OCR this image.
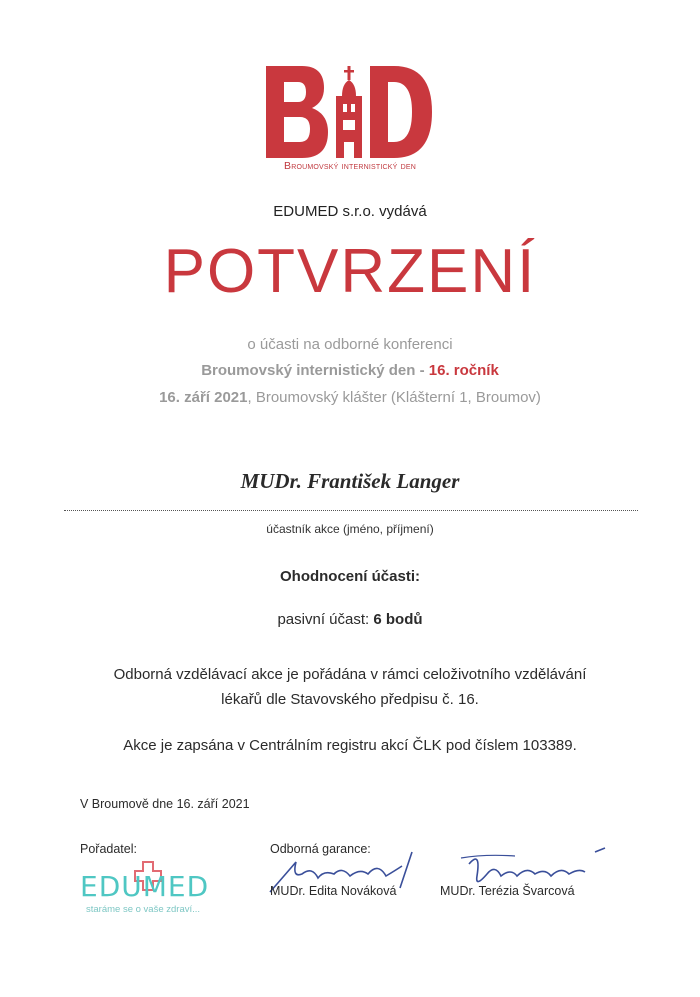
Broumovský internistický den
EDUMED s.r.o. vydává
POTVRZENÍ
o účasti na odborné konferenci
Broumovský internistický den - 16. ročník
16. září 2021, Broumovský klášter (Klášterní 1, Broumov)
MUDr. František Langer
účastník akce (jméno, příjmení)
Ohodnocení účasti:
pasivní účast: 6 bodů
Odborná vzdělávací akce je pořádána v rámci celoživotního vzdělávání
lékařů dle Stavovského předpisu č. 16.
Akce je zapsána v Centrálním registru akcí ČLK pod číslem 103389.
V Broumově dne 16. září 2021
Pořadatel:	Odborná garance:
EDUMED
staráme se o vaše zdraví...
MUDr. Edita Nováková	MUDr. Terézia Švarcová
